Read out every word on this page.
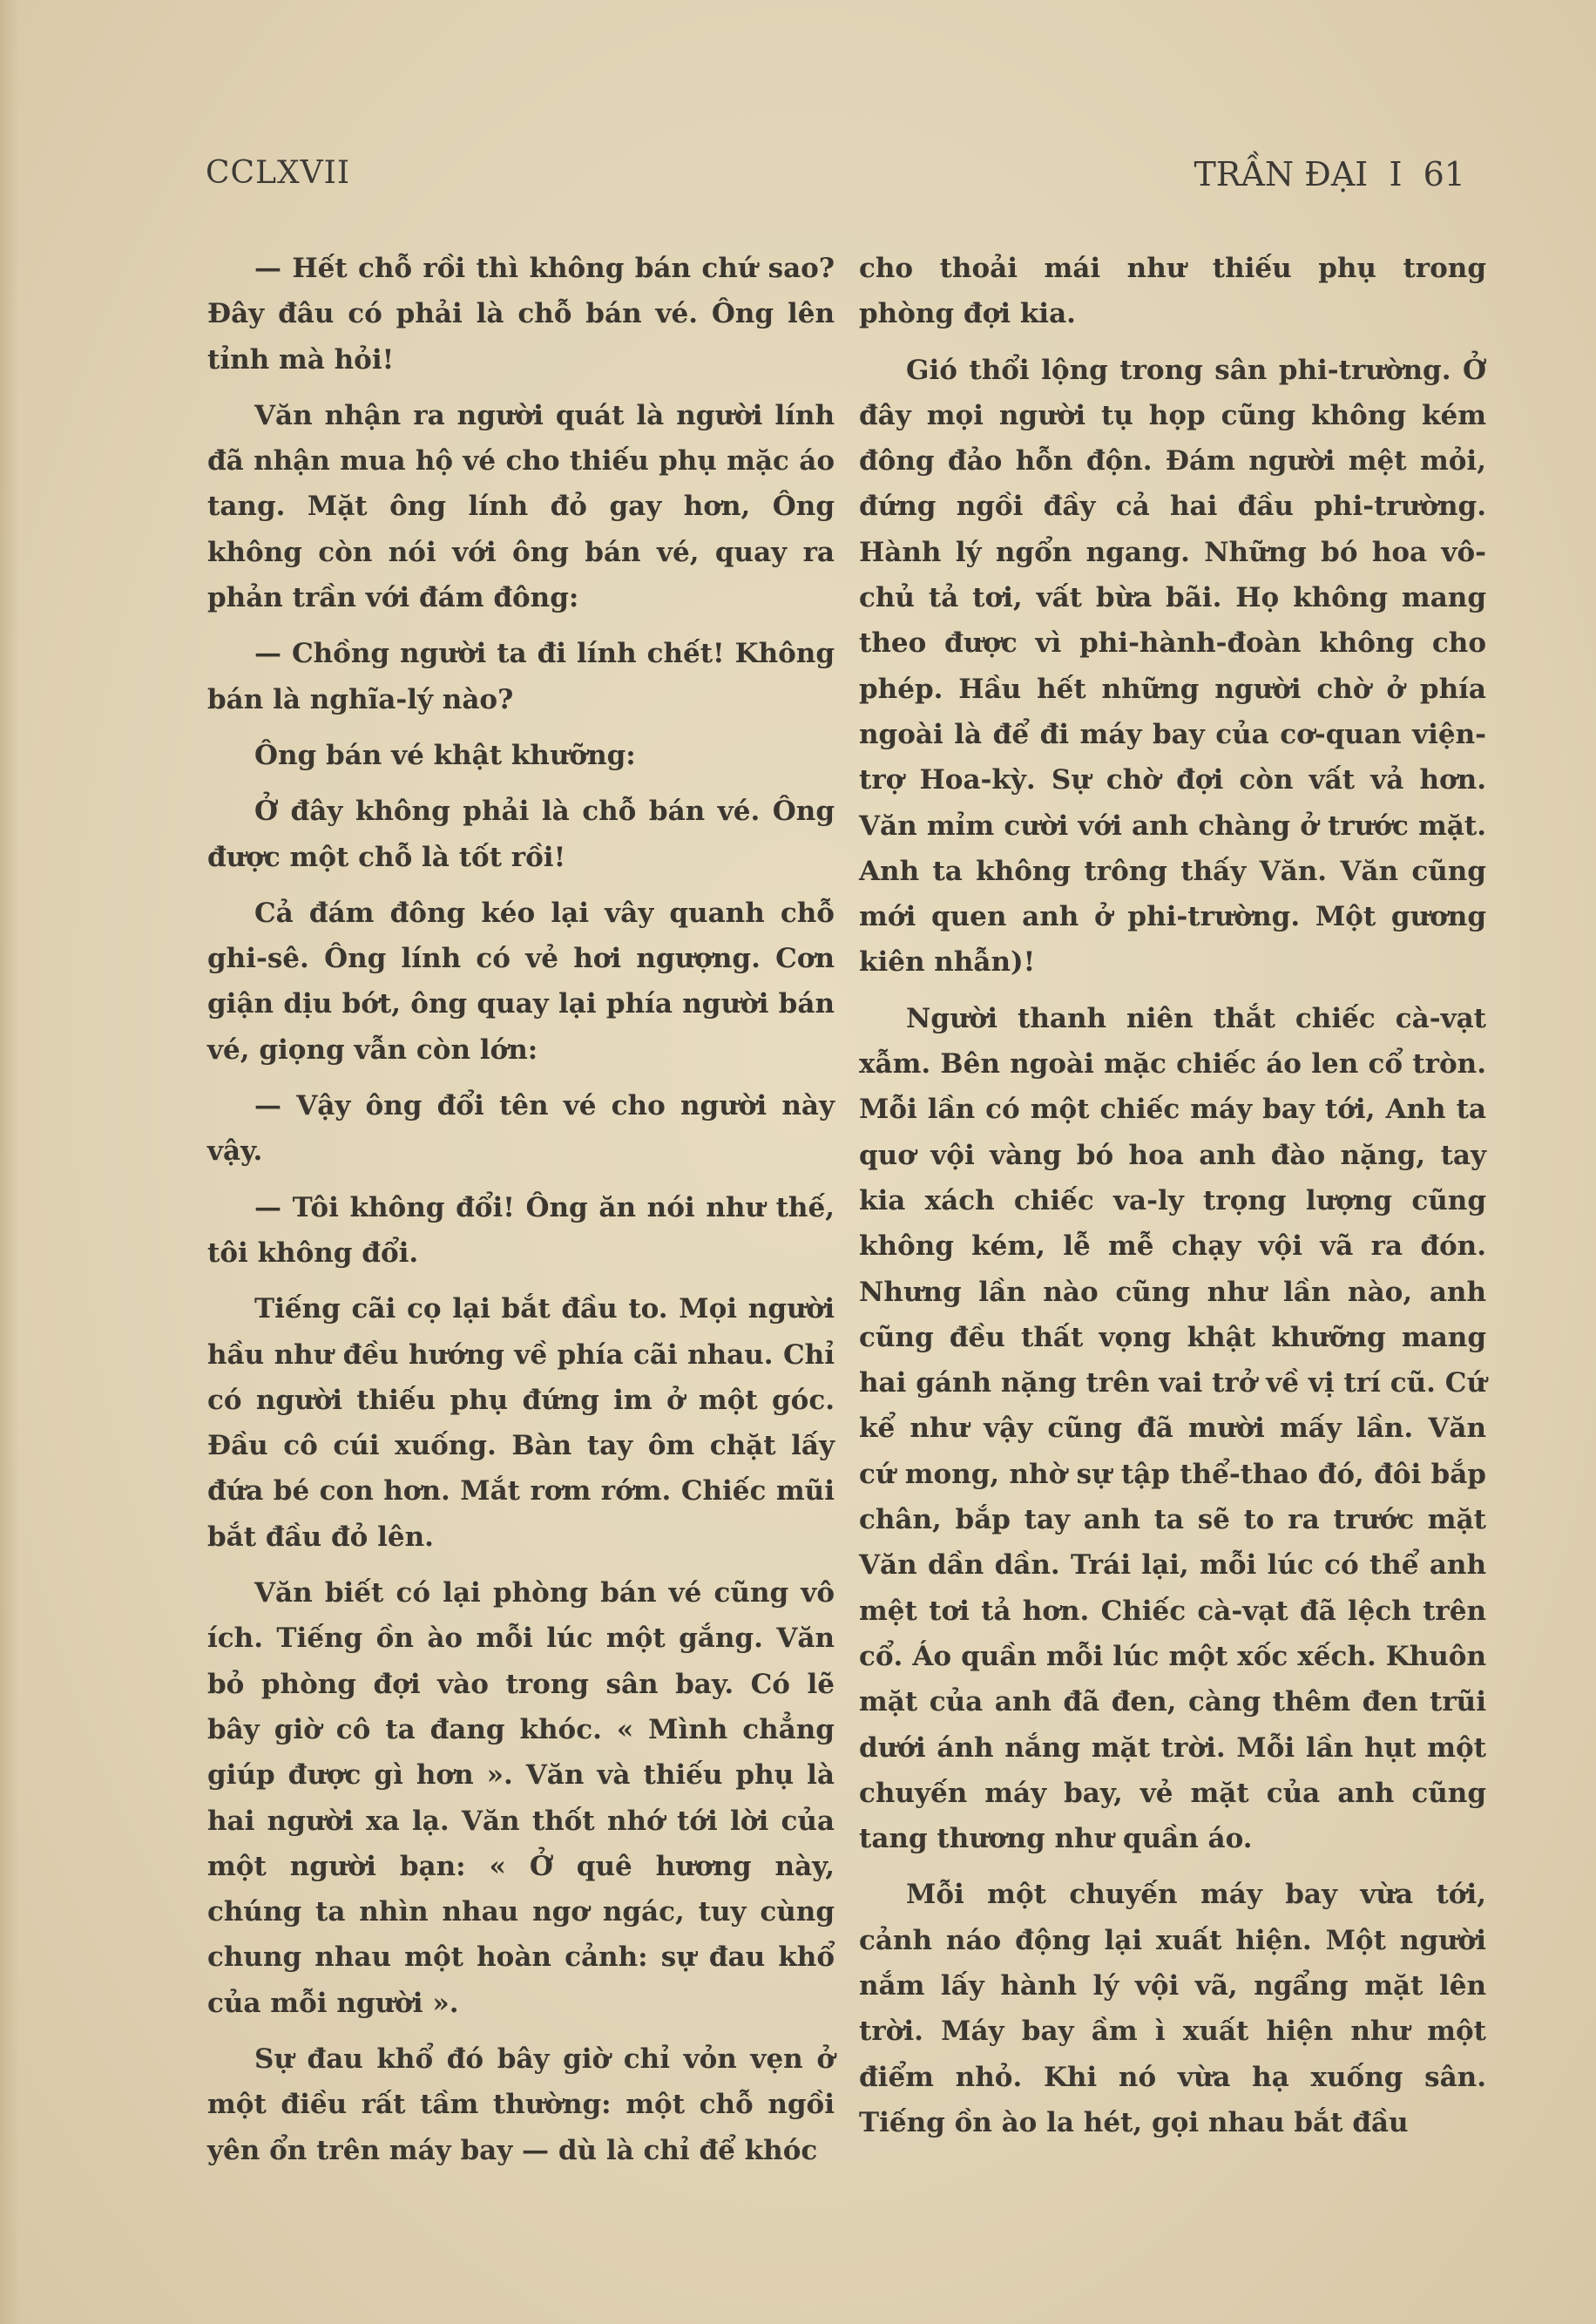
CCLXVII	TRẦN ĐẠI  I  61

— Hết chỗ rồi thì không bán chứ sao? Đây đâu có phải là chỗ bán vé. Ông lên tỉnh mà hỏi!

Văn nhận ra người quát là người lính đã nhận mua hộ vé cho thiếu phụ mặc áo tang. Mặt ông lính đỏ gay hơn, Ông không còn nói với ông bán vé, quay ra phản trần với đám đông:

— Chồng người ta đi lính chết! Không bán là nghĩa-lý nào?

Ông bán vé khật khưỡng:

Ở đây không phải là chỗ bán vé. Ông được một chỗ là tốt rồi!

Cả đám đông kéo lại vây quanh chỗ ghi-sê. Ông lính có vẻ hơi ngượng. Cơn giận dịu bớt, ông quay lại phía người bán vé, giọng vẫn còn lớn:

— Vậy ông đổi tên vé cho người này vậy.

— Tôi không đổi! Ông ăn nói như thế, tôi không đổi.

Tiếng cãi cọ lại bắt đầu to. Mọi người hầu như đều hướng về phía cãi nhau. Chỉ có người thiếu phụ đứng im ở một góc. Đầu cô cúi xuống. Bàn tay ôm chặt lấy đứa bé con hơn. Mắt rơm rớm. Chiếc mũi bắt đầu đỏ lên.

Văn biết có lại phòng bán vé cũng vô ích. Tiếng ồn ào mỗi lúc một gắng. Văn bỏ phòng đợi vào trong sân bay. Có lẽ bây giờ cô ta đang khóc. « Mình chẳng giúp được gì hơn ». Văn và thiếu phụ là hai người xa lạ. Văn thốt nhớ tới lời của một người bạn: « Ở quê hương này, chúng ta nhìn nhau ngơ ngác, tuy cùng chung nhau một hoàn cảnh: sự đau khổ của mỗi người ».

Sự đau khổ đó bây giờ chỉ vỏn vẹn ở một điều rất tầm thường: một chỗ ngồi yên ổn trên máy bay — dù là chỉ để khóc

cho thoải mái như thiếu phụ trong phòng đợi kia.

Gió thổi lộng trong sân phi-trường. Ở đây mọi người tụ họp cũng không kém đông đảo hỗn độn. Đám người mệt mỏi, đứng ngồi đầy cả hai đầu phi-trường. Hành lý ngổn ngang. Những bó hoa vô-chủ tả tơi, vất bừa bãi. Họ không mang theo được vì phi-hành-đoàn không cho phép. Hầu hết những người chờ ở phía ngoài là để đi máy bay của cơ-quan viện-trợ Hoa-kỳ. Sự chờ đợi còn vất vả hơn. Văn mỉm cười với anh chàng ở trước mặt. Anh ta không trông thấy Văn. Văn cũng mới quen anh ở phi-trường. Một gương kiên nhẫn)!

Người thanh niên thắt chiếc cà-vạt xẫm. Bên ngoài mặc chiếc áo len cổ tròn. Mỗi lần có một chiếc máy bay tới, Anh ta quơ vội vàng bó hoa anh đào nặng, tay kia xách chiếc va-ly trọng lượng cũng không kém, lễ mễ chạy vội vã ra đón. Nhưng lần nào cũng như lần nào, anh cũng đều thất vọng khật khưỡng mang hai gánh nặng trên vai trở về vị trí cũ. Cứ kể như vậy cũng đã mười mấy lần. Văn cứ mong, nhờ sự tập thể-thao đó, đôi bắp chân, bắp tay anh ta sẽ to ra trước mặt Văn dần dần. Trái lại, mỗi lúc có thể anh mệt tơi tả hơn. Chiếc cà-vạt đã lệch trên cổ. Áo quần mỗi lúc một xốc xếch. Khuôn mặt của anh đã đen, càng thêm đen trũi dưới ánh nắng mặt trời. Mỗi lần hụt một chuyến máy bay, vẻ mặt của anh cũng tang thương như quần áo.

Mỗi một chuyến máy bay vừa tới, cảnh náo động lại xuất hiện. Một người nắm lấy hành lý vội vã, ngẩng mặt lên trời. Máy bay ầm ì xuất hiện như một điểm nhỏ. Khi nó vừa hạ xuống sân. Tiếng ồn ào la hét, gọi nhau bắt đầu
